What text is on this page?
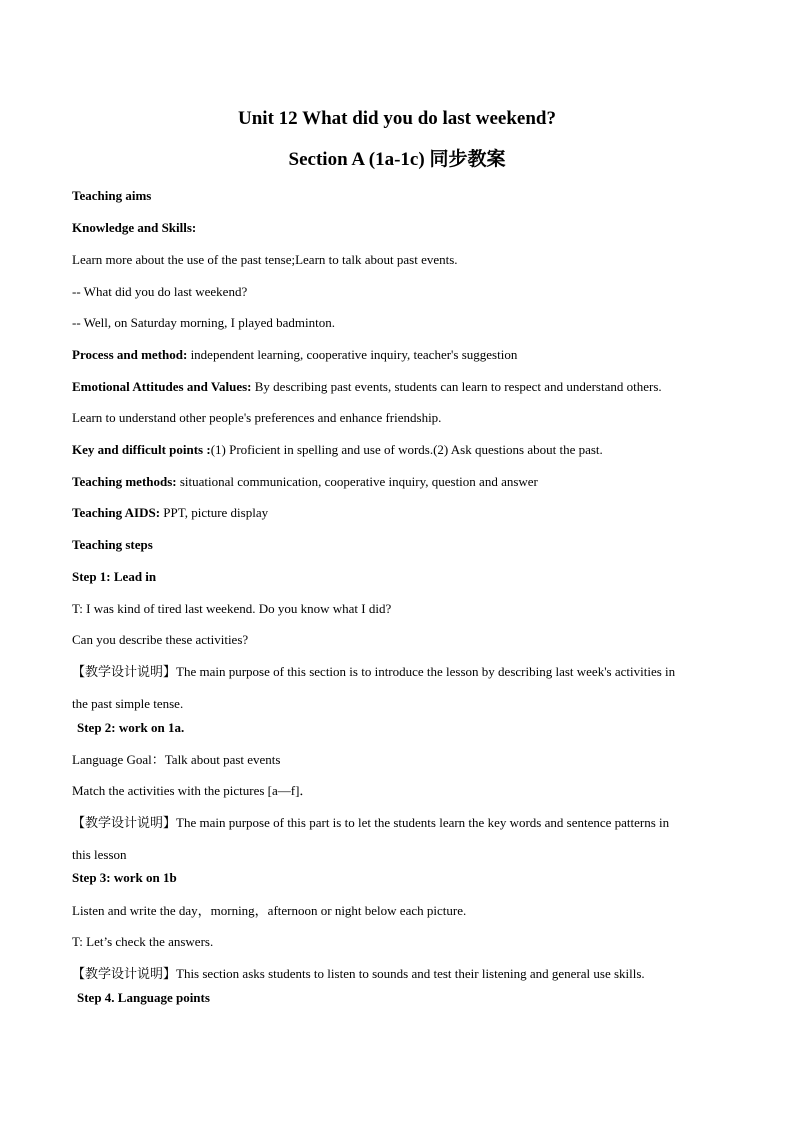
Unit 12 What did you do last weekend?
Section A (1a-1c) 同步教案
Teaching aims
Knowledge and Skills:
Learn more about the use of the past tense;Learn to talk about past events.
-- What did you do last weekend?
-- Well, on Saturday morning, I played badminton.
Process and method: independent learning, cooperative inquiry, teacher's suggestion
Emotional Attitudes and Values: By describing past events, students can learn to respect and understand others.
Learn to understand other people's preferences and enhance friendship.
Key and difficult points :(1) Proficient in spelling and use of words.(2) Ask questions about the past.
Teaching methods: situational communication, cooperative inquiry, question and answer
Teaching AIDS: PPT, picture display
Teaching steps
Step 1: Lead in
T: I was kind of tired last weekend. Do you know what I did?
Can you describe these activities?
【教学设计说明】The main purpose of this section is to introduce the lesson by describing last week's activities in
the past simple tense.
Step 2: work on 1a.
Language Goal：Talk about past events
Match the activities with the pictures [a—f]．
【教学设计说明】The main purpose of this part is to let the students learn the key words and sentence patterns in
this lesson
Step 3: work on 1b
Listen and write the day，morning，afternoon or night below each picture.
T: Let’s check the answers.
【教学设计说明】This section asks students to listen to sounds and test their listening and general use skills.
Step 4. Language points
